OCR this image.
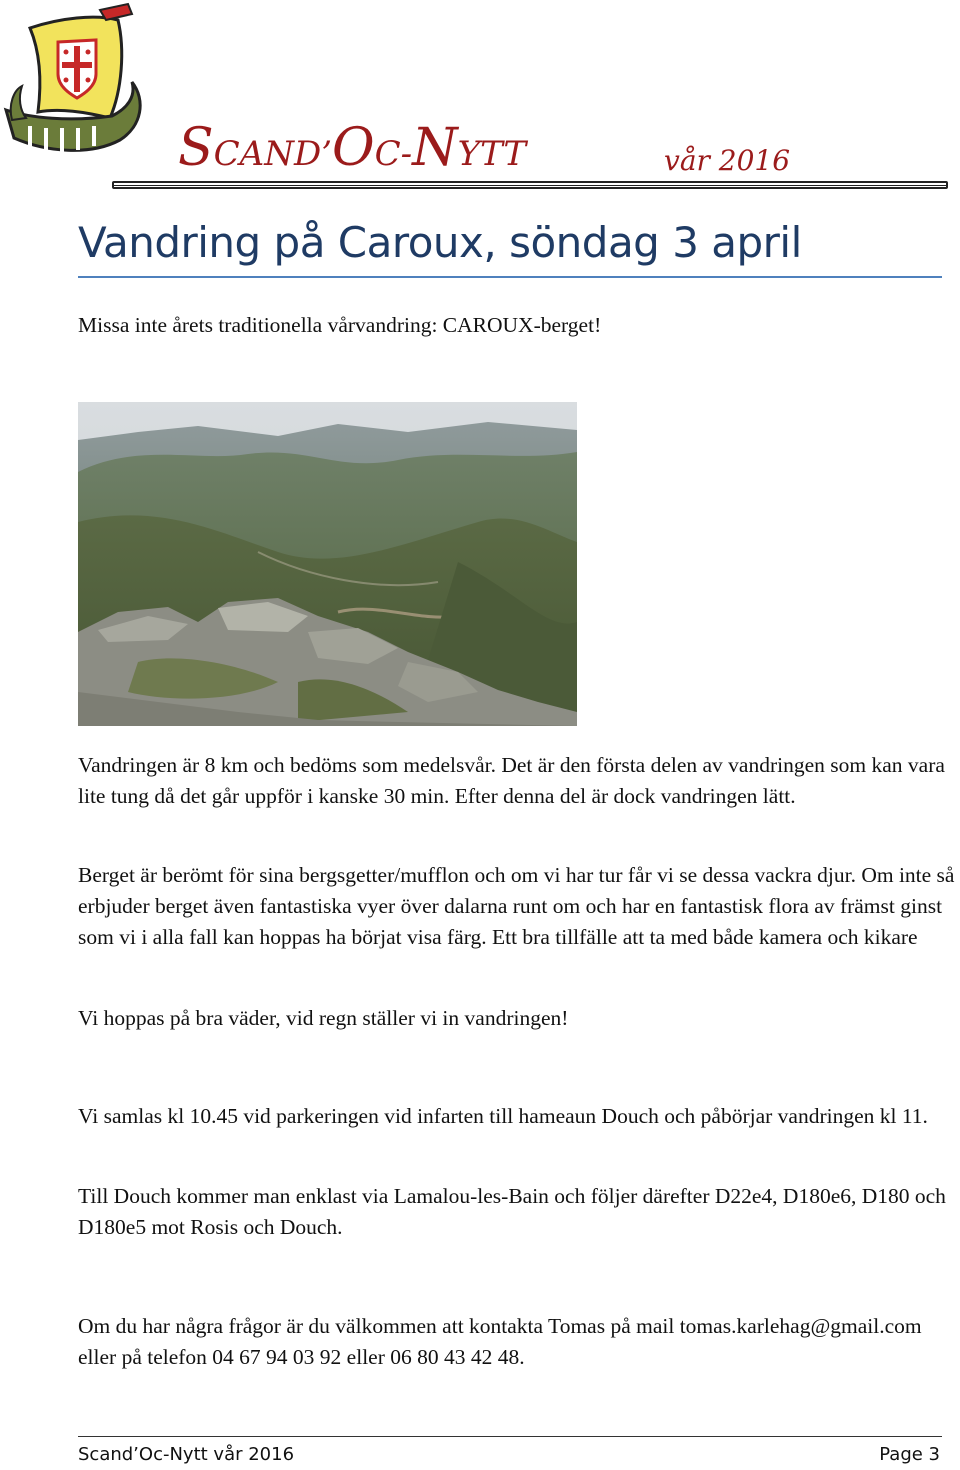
SCAND’OC-NYTT	vår 2016
Vandring på Caroux, söndag 3 april
Missa inte årets traditionella vårvandring: CAROUX-berget!
Vandringen är 8 km och bedöms som medelsvår. Det är den första delen av vandringen som kan vara lite tung då det går uppför i kanske 30 min. Efter denna del är dock vandringen lätt.
Berget är berömt för sina bergsgetter/mufflon och om vi har tur får vi se dessa vackra djur. Om inte så erbjuder berget även fantastiska vyer över dalarna runt om och har en fantastisk flora av främst ginst som vi i alla fall kan hoppas ha börjat visa färg. Ett bra tillfälle att ta med både kamera och kikare
Vi hoppas på bra väder, vid regn ställer vi in vandringen!
Vi samlas kl 10.45 vid parkeringen vid infarten till hameaun Douch och påbörjar vandringen kl 11.
Till Douch kommer man enklast via Lamalou-les-Bain och följer därefter D22e4, D180e6, D180 och D180e5 mot Rosis och Douch.
Om du har några frågor är du välkommen att kontakta Tomas på mail tomas.karlehag@gmail.com eller på telefon 04 67 94 03 92 eller 06 80 43 42 48.
Scand’Oc-Nytt vår 2016	Page 3
